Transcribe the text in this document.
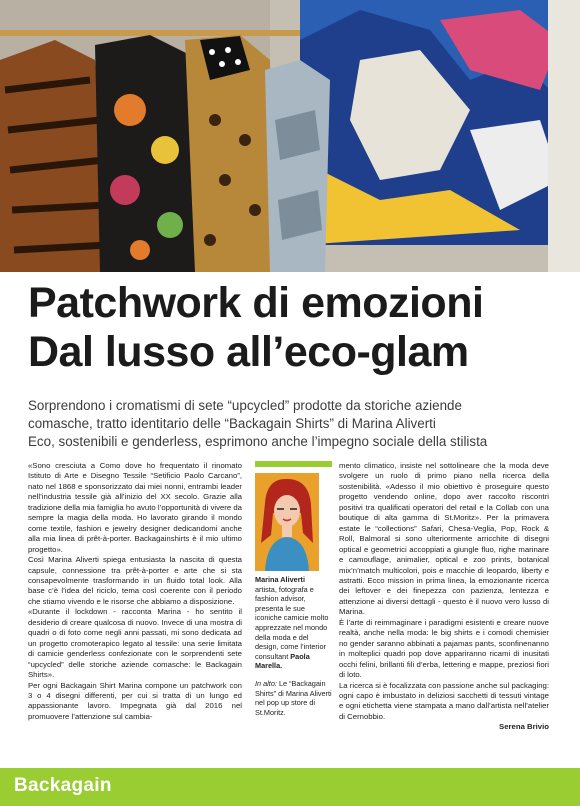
Patchwork di emozioni
Dal lusso all’eco-glam
Sorprendono i cromatismi di sete “upcycled” prodotte da storiche aziende
comasche, tratto identitario delle “Backagain Shirts” di Marina Aliverti
Eco, sostenibili e genderless, esprimono anche l’impegno sociale della stilista

«Sono cresciuta a Como dove ho frequentato il rinomato Istituto di Arte e Disegno Tessile “Setificio Paolo Carcano”, nato nel 1868 e sponsorizzato dai miei nonni, entrambi leader nell’industria tessile già all’inizio del XX secolo. Grazie alla tradizione della mia famiglia ho avuto l’opportunità di vivere da sempre la magia della moda. Ho lavorato girando il mondo come textile, fashion e jewelry designer dedicandomi anche alla mia linea di prêt-à-porter. Backagainshirts è il mio ultimo progetto».

Così Marina Aliverti spiega entusiasta la nascita di questa capsule, connessione tra prêt-à-porter e arte che si sta consapevolmente trasformando in un fluido total look. Alla base c’è l’idea del riciclo, tema così coerente con il periodo che stiamo vivendo e le risorse che abbiamo a disposizione.

«Durante il lockdown - racconta Marina - ho sentito il desiderio di creare qualcosa di nuovo. Invece di una mostra di quadri o di foto come negli anni passati, mi sono dedicata ad un progetto cromoterapico legato al tessile: una serie limitata di camicie genderless confezionate con le sorprendenti sete “upcycled” delle storiche aziende comasche: le Backagain Shirts».

Per ogni Backagain Shirt Marina compone un patchwork con 3 o 4 disegni differenti, per cui si tratta di un lungo ed appassionante lavoro. Impegnata già dal 2016 nel promuovere l’attenzione sul cambia-

Marina Aliverti
artista, fotografa e fashion advisor, presenta le sue iconiche camicie molto apprezzate nel mondo della moda e del design, come l’interior consultant Paola Marella.
In alto: Le “Backagain Shirts” di Marina Aliverti nel pop up store di St.Moritz.

mento climatico, insiste nel sottolineare che la moda deve svolgere un ruolo di primo piano nella ricerca della sostenibilità. «Adesso il mio obiettivo è proseguire questo progetto vendendo online, dopo aver raccolto riscontri positivi tra qualificati operatori del retail e la Collab con una boutique di alta gamma di St.Moritz». Per la primavera estate le “collections” Safari, Chesa-Veglia, Pop, Rock & Roll, Balmoral si sono ulteriormente arricchite di disegni optical e geometrici accoppiati a giungle fluo, righe marinare e camouflage, animalier, optical e zoo prints, botanical mix’n’match multicolori, pois e macchie di leopardo, liberty e astratti. Ecco mission in prima linea, la emozionante ricerca dei leftover e dei finepezza con pazienza, lentezza e attenzione ai diversi dettagli - questo è il nuovo vero lusso di Marina.

È l’arte di reimmaginare i paradigmi esistenti e creare nuove realtà, anche nella moda: le big shirts e i comodi chemisier no gender saranno abbinati a pajamas pants, sconfinenanno in molteplici quadri pop dove appariranno ricami di inusitati occhi felini, brillanti fili d’erba, lettering e mappe, preziosi fiori di loto.

La ricerca si è focalizzata con passione anche sul packaging: ogni capo è imbustato in deliziosi sacchetti di tessuti vintage e ogni etichetta viene stampata a mano dall’artista nell’atelier di Cernobbio.

Serena Brivio

Backagain
